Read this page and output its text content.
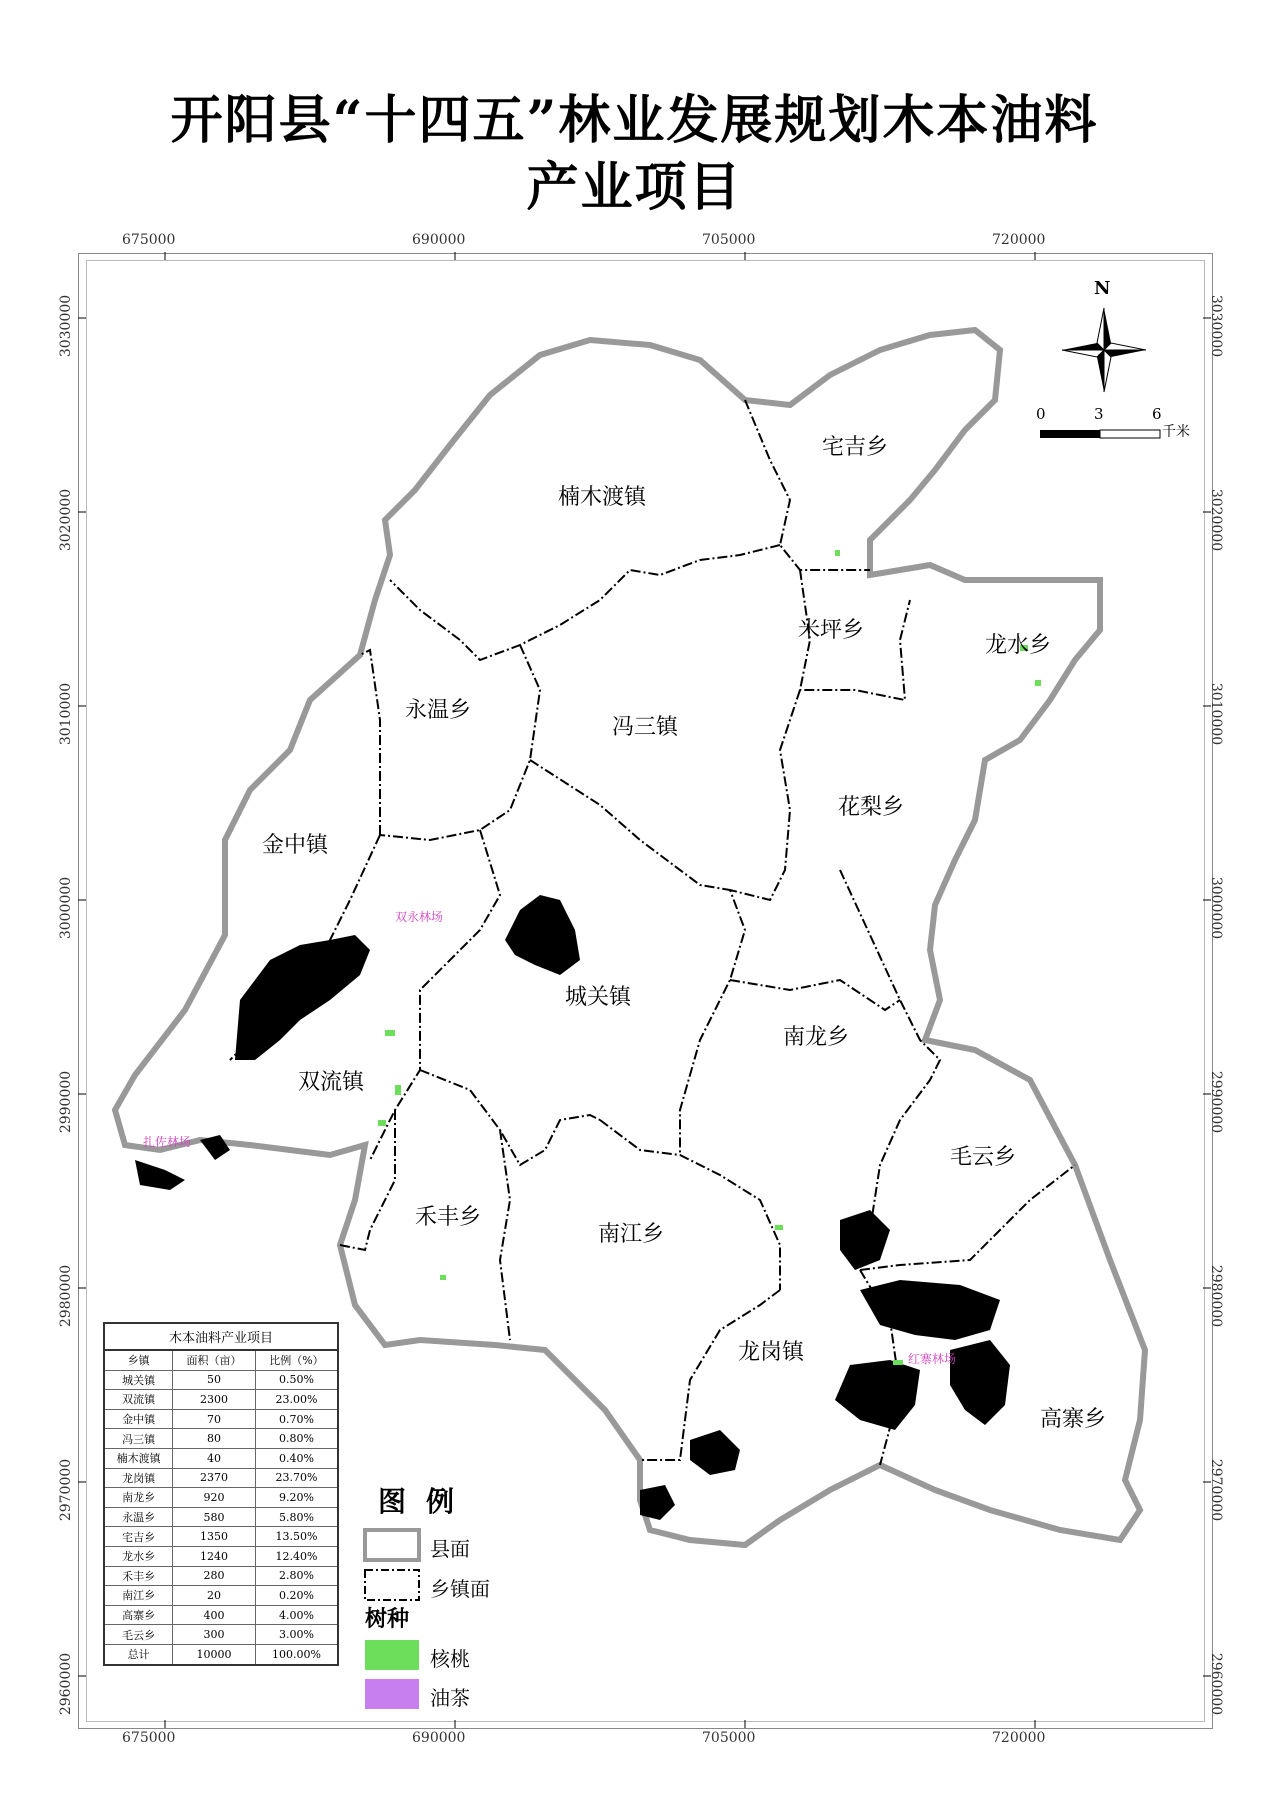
开阳县“十四五”林业发展规划木本油料
产业项目
675000	690000	705000	720000
675000	690000	705000	720000
3030000
3020000
3010000
3000000
2990000
2980000
2970000
2960000
3030000
3020000
3010000
3000000
2990000
2980000
2970000
2960000
楠木渡镇
宅吉乡
米坪乡
龙水乡
永温乡
冯三镇
花梨乡
金中镇
城关镇
南龙乡
双流镇
毛云乡
禾丰乡
南江乡
龙岗镇
高寨乡
双永林场
扎佐林场
红寨林场
N
0	3	6
千米
木本油料产业项目
乡镇	面积（亩）	比例（%）
城关镇	50	0.50%
双流镇	2300	23.00%
金中镇	70	0.70%
冯三镇	80	0.80%
楠木渡镇	40	0.40%
龙岗镇	2370	23.70%
南龙乡	920	9.20%
永温乡	580	5.80%
宅吉乡	1350	13.50%
龙水乡	1240	12.40%
禾丰乡	280	2.80%
南江乡	20	0.20%
高寨乡	400	4.00%
毛云乡	300	3.00%
总计	10000	100.00%
图例
县面
乡镇面
树种
核桃
油茶
